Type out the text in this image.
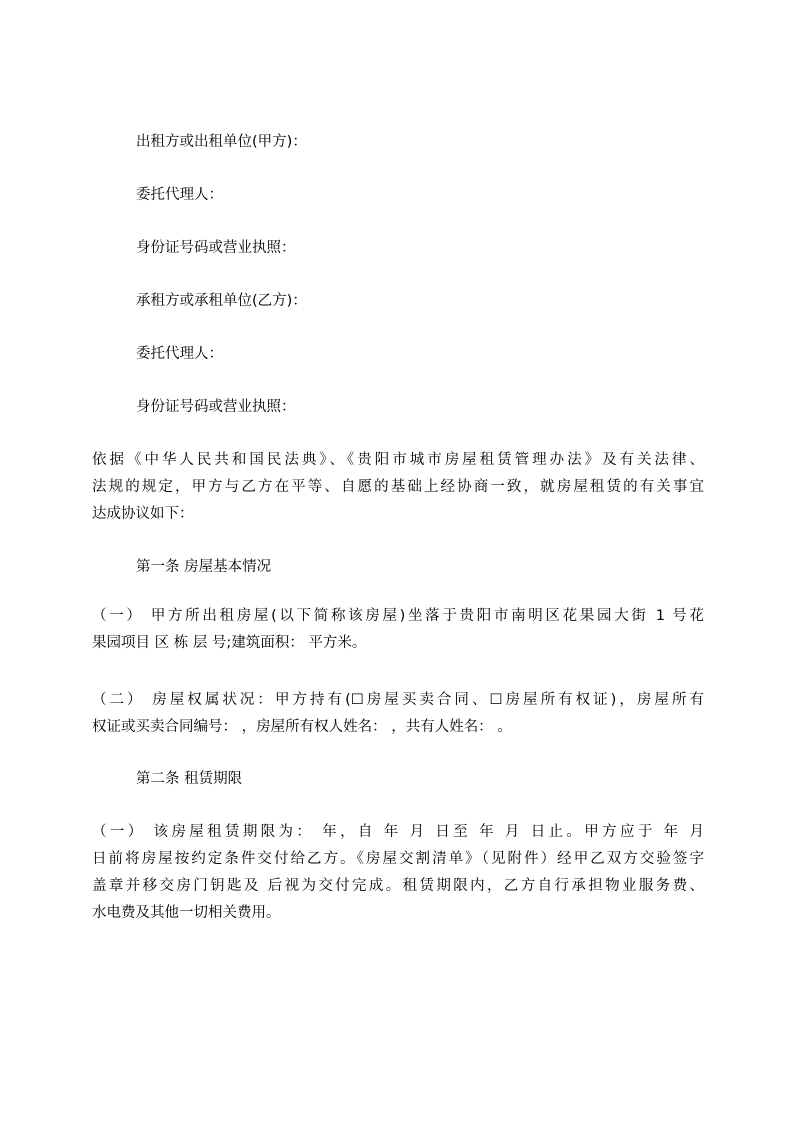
出租方或出租单位(甲方)：
委托代理人：
身份证号码或营业执照：
承租方或承租单位(乙方)：
委托代理人：
身份证号码或营业执照：
依据《中华人民共和国民法典》、《贵阳市城市房屋租赁管理办法》及有关法律、
法规的规定，甲方与乙方在平等、自愿的基础上经协商一致，就房屋租赁的有关事宜
达成协议如下：
第一条 房屋基本情况
（一） 甲方所出租房屋(以下简称该房屋)坐落于贵阳市南明区花果园大街 1 号花
果园项目 区 栋 层 号;建筑面积： 平方米。
（二） 房屋权属状况：甲方持有(☐房屋买卖合同、☐房屋所有权证)，房屋所有
权证或买卖合同编号： ，房屋所有权人姓名： ，共有人姓名： 。
第二条 租赁期限
（一） 该房屋租赁期限为： 年，自 年 月 日至 年 月 日止。甲方应于 年 月
日前将房屋按约定条件交付给乙方。《房屋交割清单》（见附件）经甲乙双方交验签字
盖章并移交房门钥匙及 后视为交付完成。租赁期限内，乙方自行承担物业服务费、
水电费及其他一切相关费用。
